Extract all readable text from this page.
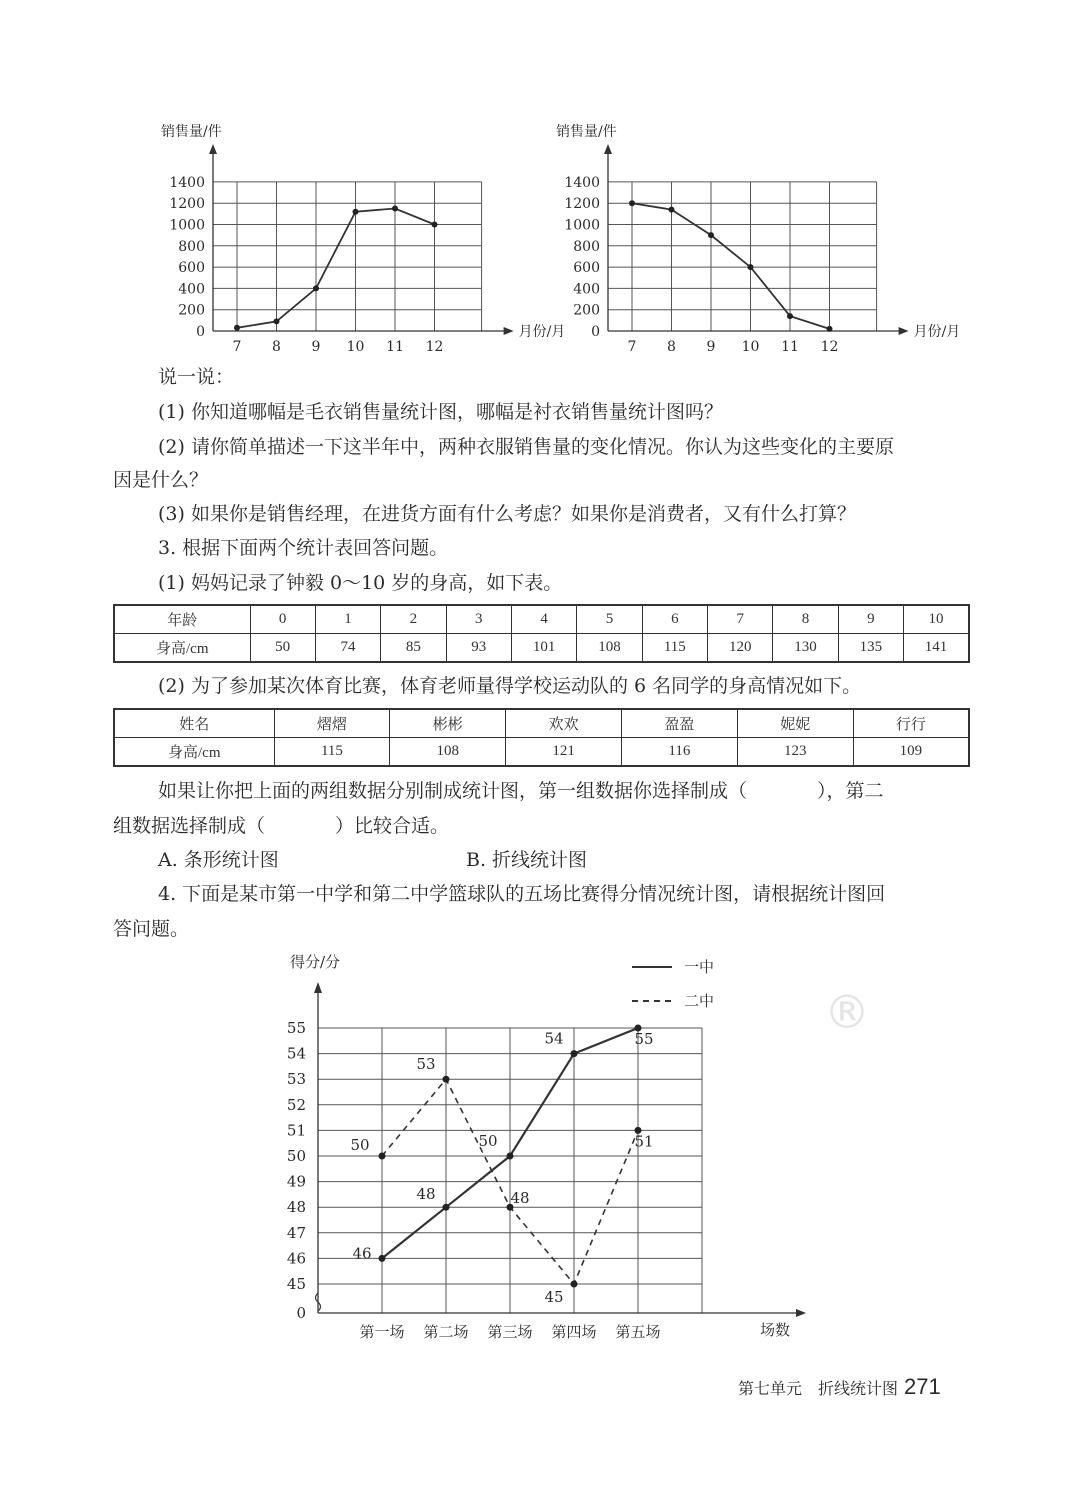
®
销售量/件
月份/月
0
200
400
600
800
1000
1200
1400
7 8 9 10 11 12
销售量/件
月份/月
0
200
400
600
800
1000
1200
1400
7 8 9 10 11 12
说一说：
(1) 你知道哪幅是毛衣销售量统计图，哪幅是衬衣销售量统计图吗？
(2) 请你简单描述一下这半年中，两种衣服销售量的变化情况。你认为这些变化的主要原
因是什么？
(3) 如果你是销售经理，在进货方面有什么考虑？如果你是消费者，又有什么打算？
3. 根据下面两个统计表回答问题。
(1) 妈妈记录了钟毅 0～10 岁的身高，如下表。
年龄	0	1	2	3	4	5	6	7	8	9	10
身高/cm	50	74	85	93	101	108	115	120	130	135	141
(2) 为了参加某次体育比赛，体育老师量得学校运动队的 6 名同学的身高情况如下。
姓名	熠熠	彬彬	欢欢	盈盈	妮妮	行行
身高/cm	115	108	121	116	123	109
如果让你把上面的两组数据分别制成统计图，第一组数据你选择制成（	），第二
组数据选择制成（	）比较合适。
A. 条形统计图	B. 折线统计图
4. 下面是某市第一中学和第二中学篮球队的五场比赛得分情况统计图，请根据统计图回
答问题。
得分/分
场数
0
45
46
47
48
49
50
51
52
53
54
55
第一场 第二场 第三场 第四场 第五场
一中
二中
46
48
50
54	55
50
53
48
45
51
第七单元　折线统计图 271
